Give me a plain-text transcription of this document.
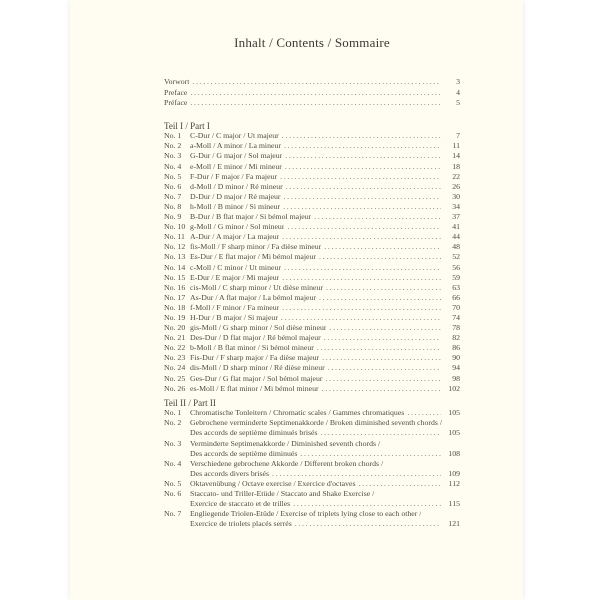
Inhalt / Contents / Sommaire
Vorwort .....	3
Preface .....	4
Préface .....	5
Teil I / Part I
No. 1	C-Dur / C major / Ut majeur .....	7
No. 2	a-Moll / A minor / La mineur .....	11
No. 3	G-Dur / G major / Sol majeur .....	14
No. 4	e-Moll / E minor / Mi mineur .....	18
No. 5	F-Dur / F major / Fa majeur .....	22
No. 6	d-Moll / D minor / Ré mineur .....	26
No. 7	D-Dur / D major / Ré majeur .....	30
No. 8	h-Moll / B minor / Si mineur .....	34
No. 9	B-Dur / B flat major / Si bémol majeur .....	37
No. 10 g-Moll / G minor / Sol mineur .....	41
No. 11 A-Dur / A major / La majeur .....	44
No. 12 fis-Moll / F sharp minor / Fa dièse mineur .....	48
No. 13 Es-Dur / E flat major / Mi bémol majeur .....	52
No. 14 c-Moll / C minor / Ut mineur .....	56
No. 15 E-Dur / E major / Mi majeur .....	59
No. 16 cis-Moll / C sharp minor / Ut dièse mineur .....	63
No. 17 As-Dur / A flat major / La bémol majeur .....	66
No. 18 f-Moll / F minor / Fa mineur .....	70
No. 19 H-Dur / B major / Si majeur .....	74
No. 20 gis-Moll / G sharp minor / Sol dièse mineur .....	78
No. 21 Des-Dur / D flat major / Ré bémol majeur .....	82
No. 22 b-Moll / B flat minor / Si bémol mineur .....	86
No. 23 Fis-Dur / F sharp major / Fa dièse majeur .....	90
No. 24 dis-Moll / D sharp minor / Ré dièse mineur .....	94
No. 25 Ges-Dur / G flat major / Sol bémol majeur .....	98
No. 26 es-Moll / E flat minor / Mi bémol mineur .....	102
Teil II / Part II
No. 1	Chromatische Tonleitern / Chromatic scales / Gammes chromatiques .....	105
No. 2	Gebrochene verminderte Septimenakkorde / Broken diminished seventh chords /
Des accords de septième diminués brisés .....	105
No. 3	Verminderte Septimenakkorde / Diminished seventh chords /
Des accords de septième diminués .....	108
No. 4	Verschiedene gebrochene Akkorde / Different broken chords /
Des accords divers brisés .....	109
No. 5	Oktavenübung / Octave exercise / Exercice d'octaves .....	112
No. 6	Staccato- und Triller-Etüde / Staccato and Shake Exercise /
Exercice de staccato et de trilles .....	115
No. 7	Engliegende Triolen-Etüde / Exercise of triplets lying close to each other /
Exercice de triolets placés serrés .....	121
